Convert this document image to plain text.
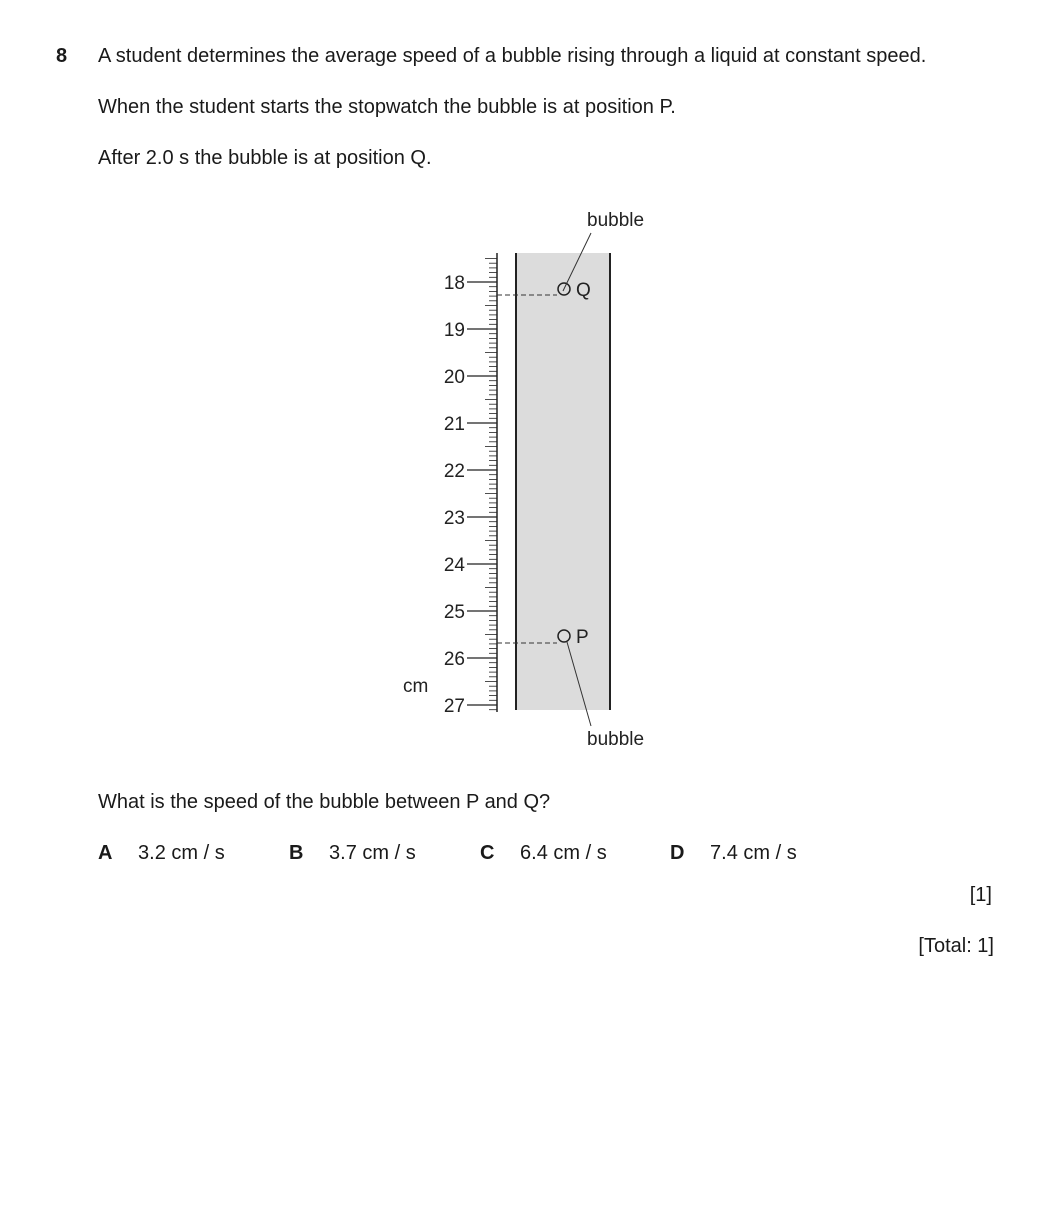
8 A student determines the average speed of a bubble rising through a liquid at constant speed.
When the student starts the stopwatch the bubble is at position P.
After 2.0 s the bubble is at position Q.
18
19
20
21
22
23
24
25
26
27
cm
Q
P
bubble
bubble
What is the speed of the bubble between P and Q?
A 3.2 cm / s	B 3.7 cm / s	C 6.4 cm / s	D 7.4 cm / s
[1]
[Total: 1]
